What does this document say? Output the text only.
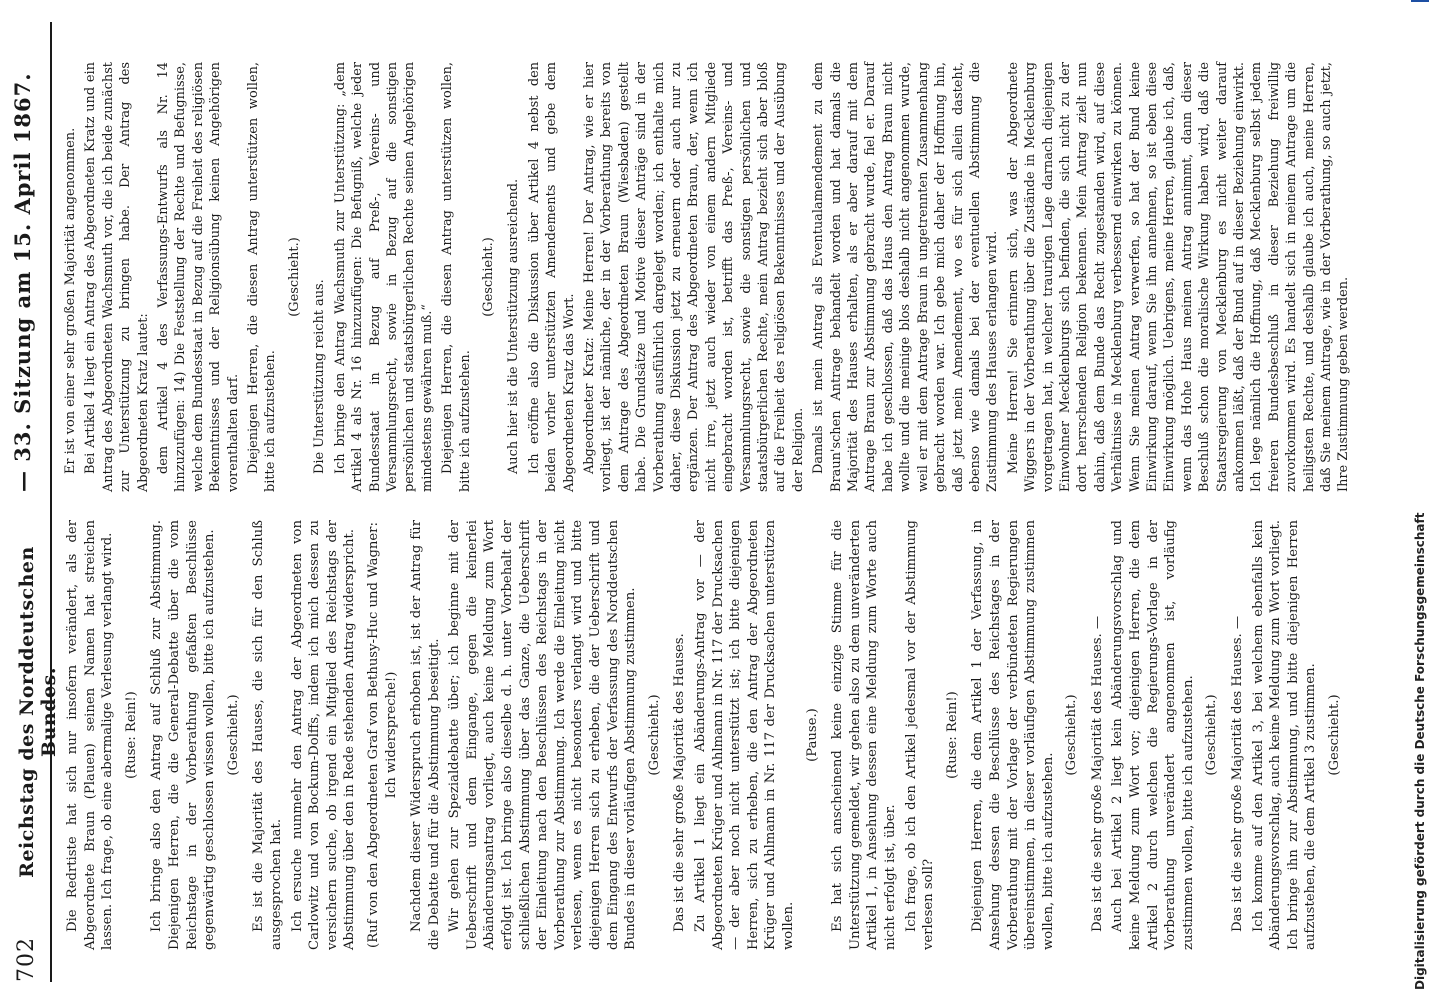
702
Reichstag des Norddeutschen Bundes.
— 33. Sitzung am 15. April 1867.

Die Redrtiste hat sich nur insofern verändert, als der Abgeordnete Braun (Plauen) seinen Namen hat streichen lassen. Ich frage, ob eine abermalige Verlesung verlangt wird. (Ruse: Rein!) Ich bringe also den Antrag auf Schluß zur Abstimmung. Diejenigen Herren, die die General-Debatte über die vom Reichstage in der Vorberathung gefaßten Beschlüsse gegenwärtig geschlossen wissen wollen, bitte ich aufzustehen. (Geschieht.) Es ist die Majorität des Hauses, die sich für den Schluß ausgesprochen hat. Ich ersuche nunmehr den Antrag der Abgeordneten von Carlowitz und von Bockum-Dolffs, indem ich mich dessen zu versichern suche, ob irgend ein Mitglied des Reichstags der Abstimmung über den in Rede stehenden Antrag widerspricht. (Ruf von den Abgeordneten Graf von Bethusy-Huc und Wagner: Ich widerspreche!) Nachdem dieser Widerspruch erhoben ist, ist der Antrag für die Debatte und für die Abstimmung beseitigt. Wir gehen zur Spezialdebatte über; ich beginne mit der Ueberschrift und dem Eingange, gegen die keinerlei Abänderungsantrag vorliegt, auch keine Meldung zum Wort erfolgt ist. Ich bringe also dieselbe d. h. unter Vorbehalt der schließlichen Abstimmung über das Ganze, die Ueberschrift der Einleitung nach den Beschlüssen des Reichstags in der Vorberathung zur Abstimmung. Ich werde die Einleitung nicht verlesen, wenn es nicht besonders verlangt wird und bitte diejenigen Herren sich zu erheben, die der Ueberschrift und dem Eingang des Entwurfs der Verfassung des Norddeutschen Bundes in dieser vorläufigen Abstimmung zustimmen. (Geschieht.) Das ist die sehr große Majorität des Hauses. Zu Artikel 1 liegt ein Abänderungs-Antrag vor — der Abgeordneten Krüger und Ahlmann in Nr. 117 der Drucksachen — der aber noch nicht unterstützt ist; ich bitte diejenigen Herren, sich zu erheben, die den Antrag der Abgeordneten Krüger und Ahlmann in Nr. 117 der Drucksachen unterstützen wollen.

(Pause.) Es hat sich anscheinend keine einzige Stimme für die Unterstützung gemeldet, wir gehen also zu dem unveränderten Artikel 1, in Ansehung dessen eine Meldung zum Worte auch nicht erfolgt ist, über. Ich frage, ob ich den Artikel jedesmal vor der Abstimmung verlesen soll?

(Ruse: Rein!) Diejenigen Herren, die dem Artikel 1 der Verfassung, in Ansehung dessen die Beschlüsse des Reichstages in der Vorberathung mit der Vorlage der verbündeten Regierungen übereinstimmen, in dieser vorläufigen Abstimmung zustimmen wollen, bitte ich aufzustehen.

(Geschieht.) Das ist die sehr große Majorität des Hauses. — Auch bei Artikel 2 liegt kein Abänderungsvorschlag und keine Meldung zum Wort vor; diejenigen Herren, die dem Artikel 2 durch welchen die Regierungs-Vorlage in der Vorberathung unverändert angenommen ist, vorläufig zustimmen wollen, bitte ich aufzustehen. (Geschieht.) Das ist die sehr große Majorität des Hauses. — Ich komme auf den Artikel 3, bei welchem ebenfalls kein Abänderungsvorschlag, auch keine Meldung zum Wort vorliegt. Ich bringe ihn zur Abstimmung, und bitte diejenigen Herren aufzustehen, die dem Artikel 3 zustimmen. (Geschieht.)

Er ist von einer sehr großen Majorität angenommen. Bei Artikel 4 liegt ein Antrag des Abgeordneten Kratz und ein Antrag des Abgeordneten Wachsmuth vor, die ich beide zunächst zur Unterstützung zu bringen habe. Der Antrag des Abgeordneten Kratz lautet: dem Artikel 4 des Verfassungs-Entwurfs als Nr. 14 hinzuzufügen: 14) Die Feststellung der Rechte und Befugnisse, welche dem Bundesstaat in Bezug auf die Freiheit des religiösen Bekenntnisses und der Religionsübung keinen Angehörigen vorenthalten darf. Diejenigen Herren, die diesen Antrag unterstützen wollen, bitte ich aufzustehen.

(Geschieht.)

Die Unterstützung reicht aus. Ich bringe den Antrag Wachsmuth zur Unterstützung: „dem Artikel 4 als Nr. 16 hinzuzufügen: Die Befugniß, welche jeder Bundesstaat in Bezug auf Preß-, Vereins- und Versammlungsrecht, sowie in Bezug auf die sonstigen persönlichen und staatsbürgerlichen Rechte seinen Angehörigen mindestens gewähren muß.“ Diejenigen Herren, die diesen Antrag unterstützen wollen, bitte ich aufzustehen.

(Geschieht.) Auch hier ist die Unterstützung ausreichend. Ich eröffne also die Diskussion über Artikel 4 nebst den beiden vorher unterstützten Amendements und gebe dem Abgeordneten Kratz das Wort. Abgeordneter Kratz: Meine Herren! Der Antrag, wie er hier vorliegt, ist der nämliche, der in der Vorberathung bereits von dem Antrage des Abgeordneten Braun (Wiesbaden) gestellt habe. Die Grundsätze und Motive dieser Anträge sind in der Vorberathung ausführlich dargelegt worden; ich enthalte mich daher, diese Diskussion jetzt zu erneuern oder auch nur zu ergänzen. Der Antrag des Abgeordneten Braun, der, wenn ich nicht irre, jetzt auch wieder von einem andern Mitgliede eingebracht worden ist, betrifft das Preß-, Vereins- und Versammlungsrecht, sowie die sonstigen persönlichen und staatsbürgerlichen Rechte, mein Antrag bezieht sich aber bloß auf die Freiheit des religiösen Bekenntnisses und der Ausübung der Religion. Damals ist mein Antrag als Eventualamendement zu dem Braun'schen Antrage behandelt worden und hat damals die Majorität des Hauses erhalten, als er aber darauf mit dem Antrage Braun zur Abstimmung gebracht wurde, fiel er. Darauf habe ich geschlossen, daß das Haus den Antrag Braun nicht wollte und die meinige blos deshalb nicht angenommen wurde, weil er mit dem Antrage Braun in ungetrennten Zusammenhang gebracht worden war. Ich gebe mich daher der Hoffnung hin, daß jetzt mein Amendement, wo es für sich allein dasteht, ebenso wie damals bei der eventuellen Abstimmung die Zustimmung des Hauses erlangen wird. Meine Herren! Sie erinnern sich, was der Abgeordnete Wiggers in der Vorberathung über die Zustände in Mecklenburg vorgetragen hat, in welcher traurigen Lage darnach diejenigen Einwohner Mecklenburgs sich befinden, die sich nicht zu der dort herrschenden Religion bekennen. Mein Antrag zielt nun dahin, daß dem Bunde das Recht zugestanden wird, auf diese Verhältnisse in Mecklenburg verbessernd einwirken zu können. Wenn Sie meinen Antrag verwerfen, so hat der Bund keine Einwirkung darauf, wenn Sie ihn annehmen, so ist eben diese Einwirkung möglich. Uebrigens, meine Herren, glaube ich, daß, wenn das Hohe Haus meinen Antrag annimmt, dann dieser Beschluß schon die moralische Wirkung haben wird, daß die Staatsregierung von Mecklenburg es nicht weiter darauf ankommen läßt, daß der Bund auf in dieser Beziehung einwirkt. Ich lege nämlich die Hoffnung, daß Mecklenburg selbst jedem freieren Bundesbeschluß in dieser Beziehung freiwillig zuvorkommen wird. Es handelt sich in meinem Antrage um die heiligsten Rechte, und deshalb glaube ich auch, meine Herren, daß Sie meinem Antrage, wie in der Vorberathung, so auch jetzt, Ihre Zustimmung geben werden.

Digitalisierung gefördert durch die Deutsche Forschungsgemeinschaft
